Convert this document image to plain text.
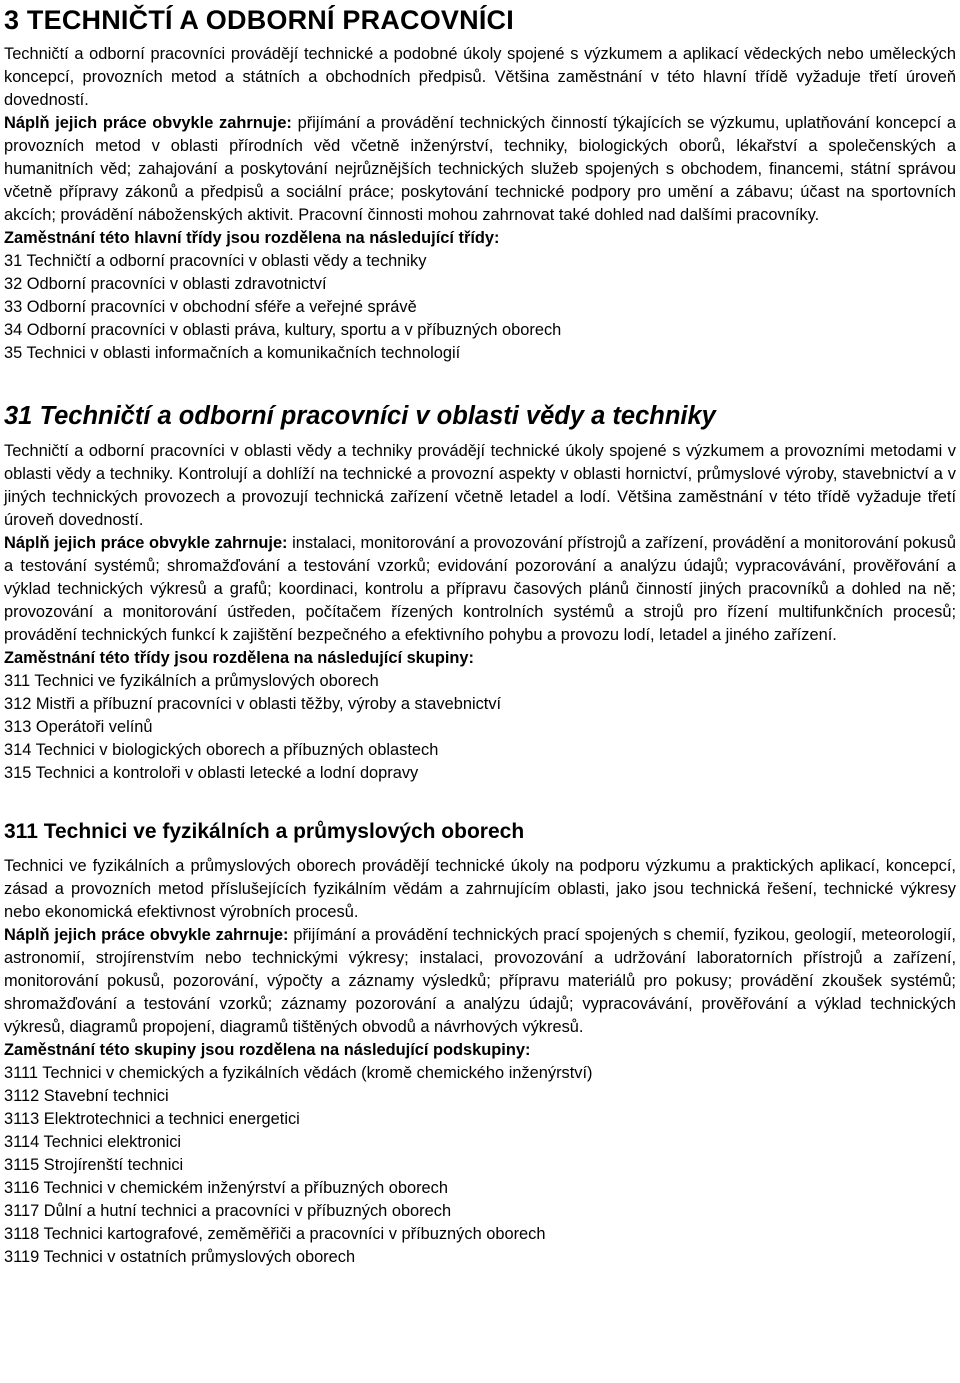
3 TECHNIČTÍ A ODBORNÍ PRACOVNÍCI

Techničtí a odborní pracovníci provádějí technické a podobné úkoly spojené s výzkumem a aplikací vědeckých nebo uměleckých koncepcí, provozních metod a státních a obchodních předpisů. Většina zaměstnání v této hlavní třídě vyžaduje třetí úroveň dovedností.

Náplň jejich práce obvykle zahrnuje: přijímání a provádění technických činností týkajících se výzkumu, uplatňování koncepcí a provozních metod v oblasti přírodních věd včetně inženýrství, techniky, biologických oborů, lékařství a společenských a humanitních věd; zahajování a poskytování nejrůznějších technických služeb spojených s obchodem, financemi, státní správou včetně přípravy zákonů a předpisů a sociální práce; poskytování technické podpory pro umění a zábavu; účast na sportovních akcích; provádění náboženských aktivit. Pracovní činnosti mohou zahrnovat také dohled nad dalšími pracovníky.

Zaměstnání této hlavní třídy jsou rozdělena na následující třídy:
31 Techničtí a odborní pracovníci v oblasti vědy a techniky
32 Odborní pracovníci v oblasti zdravotnictví
33 Odborní pracovníci v obchodní sféře a veřejné správě
34 Odborní pracovníci v oblasti práva, kultury, sportu a v příbuzných oborech
35 Technici v oblasti informačních a komunikačních technologií
31 Techničtí a odborní pracovníci v oblasti vědy a techniky

Techničtí a odborní pracovníci v oblasti vědy a techniky provádějí technické úkoly spojené s výzkumem a provozními metodami v oblasti vědy a techniky. Kontrolují a dohlíží na technické a provozní aspekty v oblasti hornictví, průmyslové výroby, stavebnictví a v jiných technických provozech a provozují technická zařízení včetně letadel a lodí. Většina zaměstnání v této třídě vyžaduje třetí úroveň dovedností.

Náplň jejich práce obvykle zahrnuje: instalaci, monitorování a provozování přístrojů a zařízení, provádění a monitorování pokusů a testování systémů; shromažďování a testování vzorků; evidování pozorování a analýzu údajů; vypracovávání, prověřování a výklad technických výkresů a grafů; koordinaci, kontrolu a přípravu časových plánů činností jiných pracovníků a dohled na ně; provozování a monitorování ústředen, počítačem řízených kontrolních systémů a strojů pro řízení multifunkčních procesů; provádění technických funkcí k zajištění bezpečného a efektivního pohybu a provozu lodí, letadel a jiného zařízení.

Zaměstnání této třídy jsou rozdělena na následující skupiny:
311 Technici ve fyzikálních a průmyslových oborech
312 Mistři a příbuzní pracovníci v oblasti těžby, výroby a stavebnictví
313 Operátoři velínů
314 Technici v biologických oborech a příbuzných oblastech
315 Technici a kontroloři v oblasti letecké a lodní dopravy
311 Technici ve fyzikálních a průmyslových oborech

Technici ve fyzikálních a průmyslových oborech provádějí technické úkoly na podporu výzkumu a praktických aplikací, koncepcí, zásad a provozních metod příslušejících fyzikálním vědám a zahrnujícím oblasti, jako jsou technická řešení, technické výkresy nebo ekonomická efektivnost výrobních procesů.

Náplň jejich práce obvykle zahrnuje: přijímání a provádění technických prací spojených s chemií, fyzikou, geologií, meteorologií, astronomií, strojírenstvím nebo technickými výkresy; instalaci, provozování a udržování laboratorních přístrojů a zařízení, monitorování pokusů, pozorování, výpočty a záznamy výsledků; přípravu materiálů pro pokusy; provádění zkoušek systémů; shromažďování a testování vzorků; záznamy pozorování a analýzu údajů; vypracovávání, prověřování a výklad technických výkresů, diagramů propojení, diagramů tištěných obvodů a návrhových výkresů.

Zaměstnání této skupiny jsou rozdělena na následující podskupiny:
3111 Technici v chemických a fyzikálních vědách (kromě chemického inženýrství)
3112 Stavební technici
3113 Elektrotechnici a technici energetici
3114 Technici elektronici
3115 Strojírenští technici
3116 Technici v chemickém inženýrství a příbuzných oborech
3117 Důlní a hutní technici a pracovníci v příbuzných oborech
3118 Technici kartografové, zeměměřiči a pracovníci v příbuzných oborech
3119 Technici v ostatních průmyslových oborech
